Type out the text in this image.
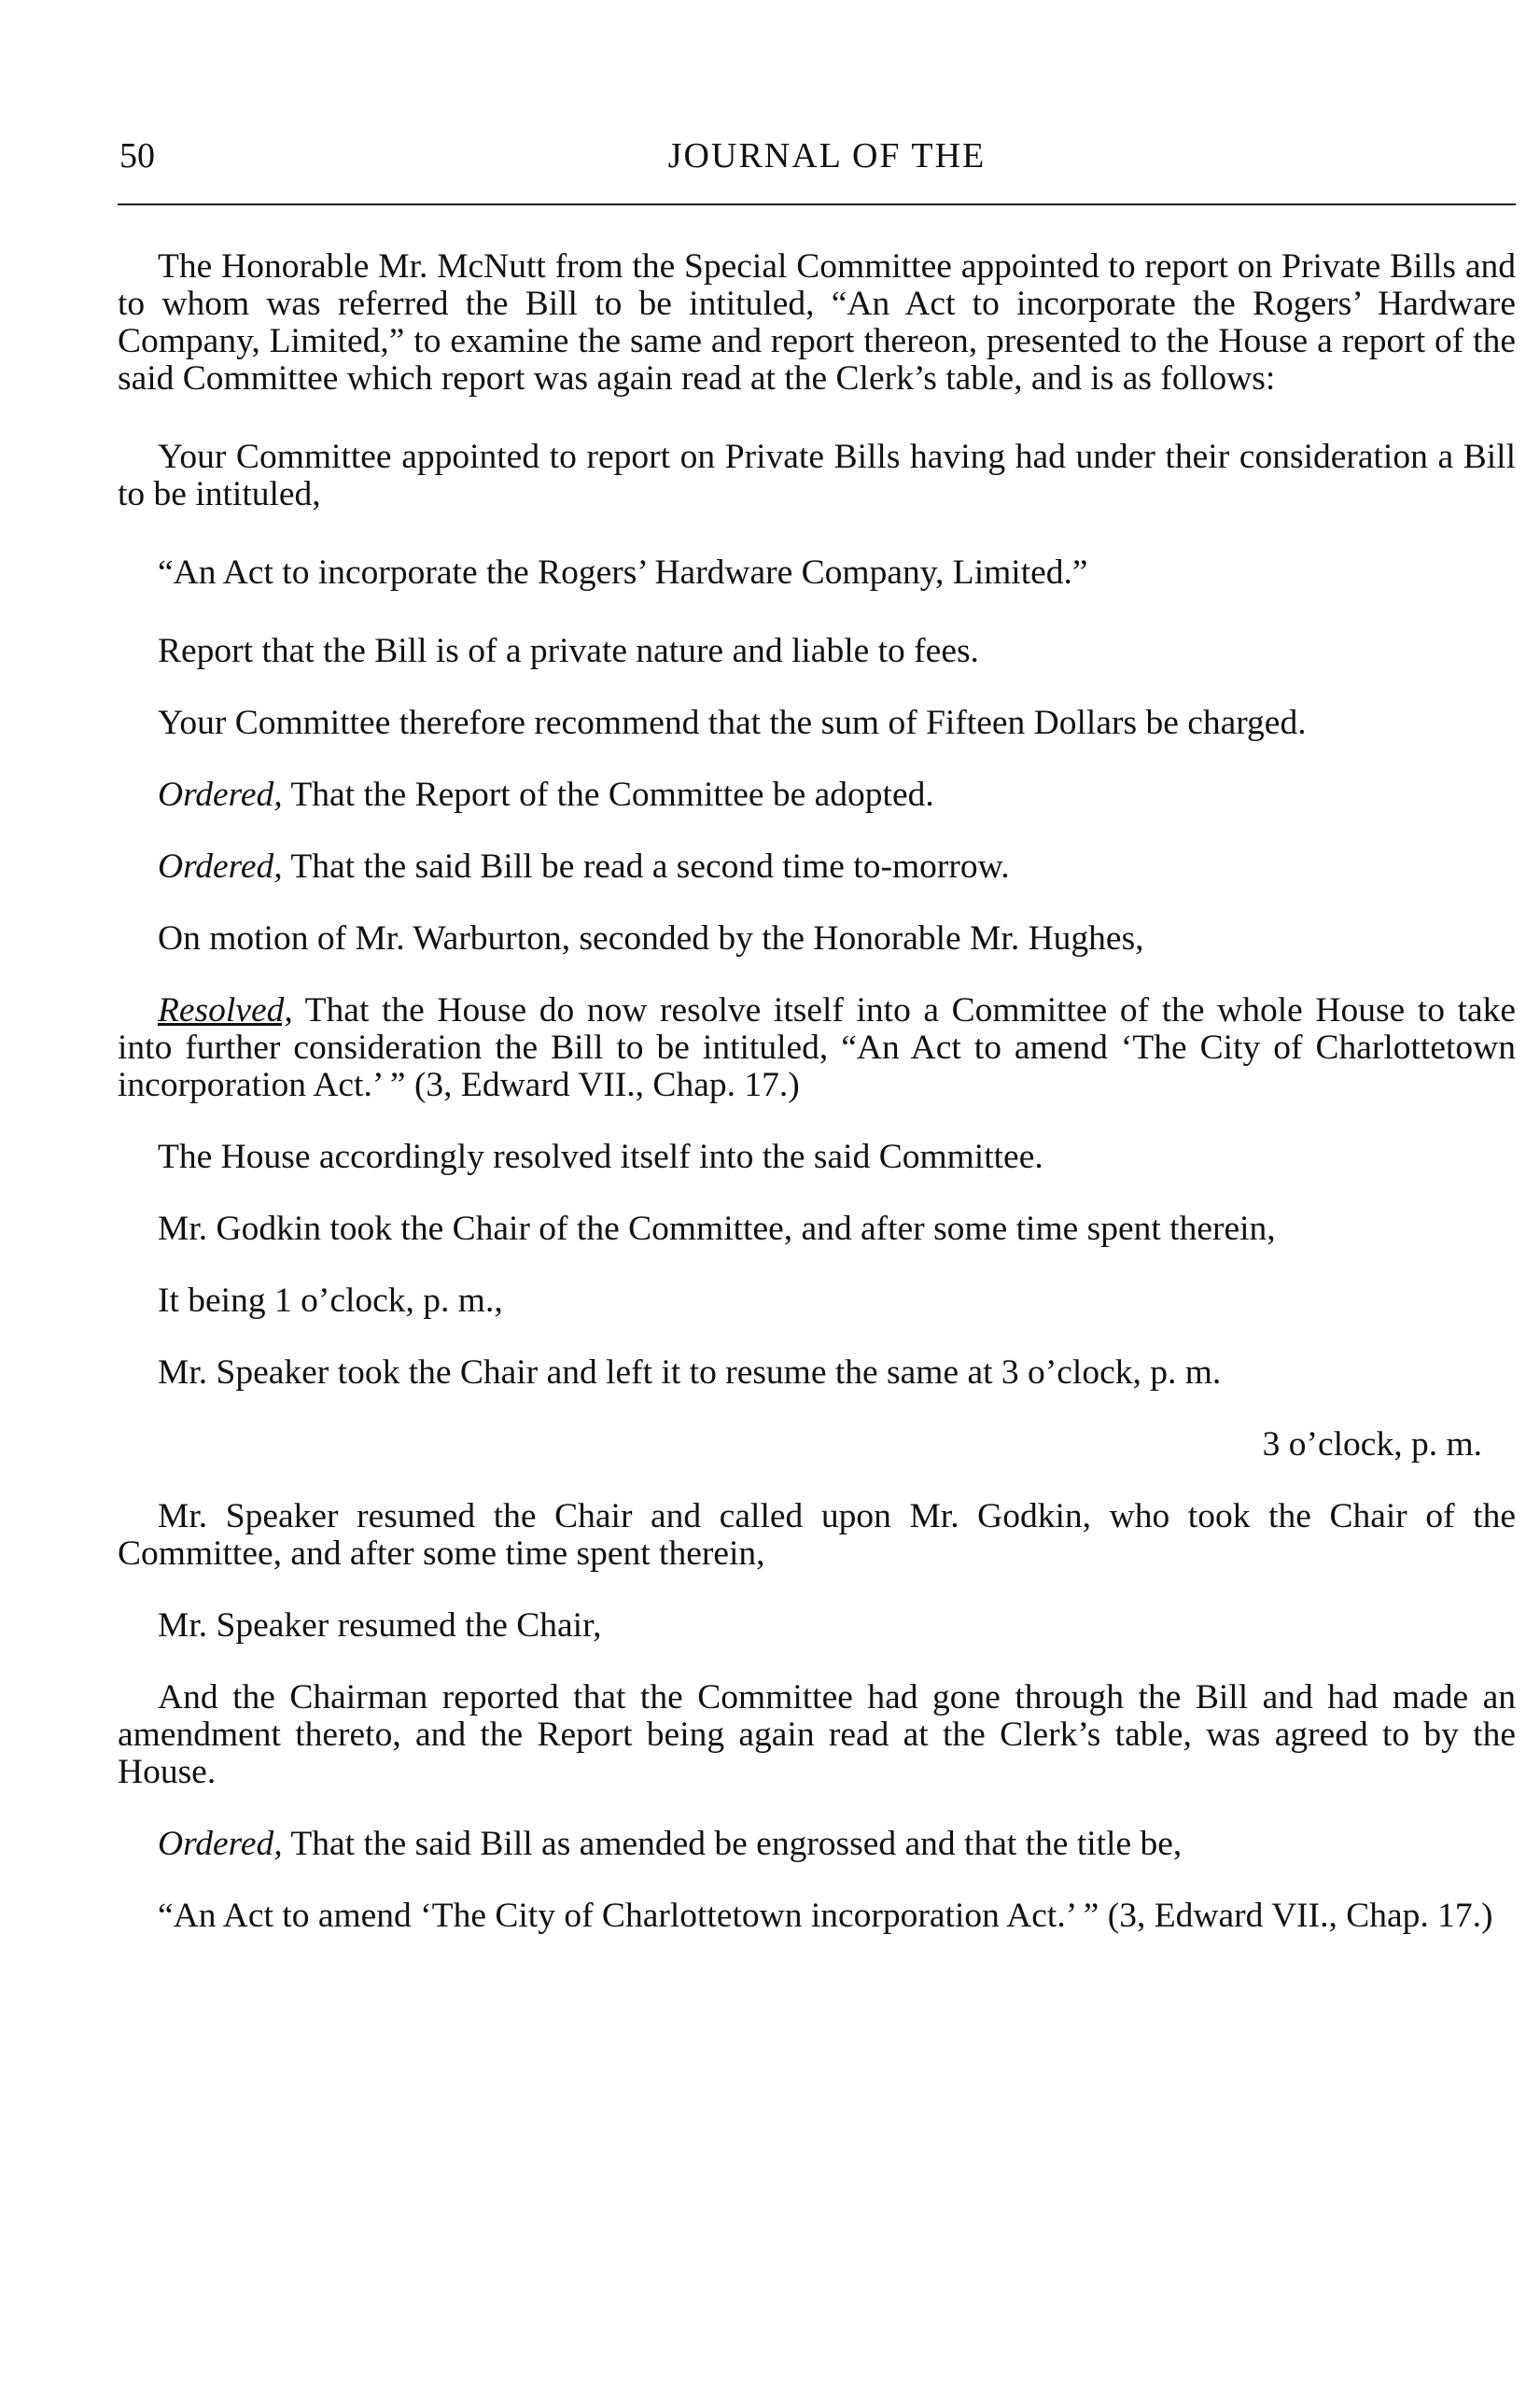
50	JOURNAL OF THE

The Honorable Mr. McNutt from the Special Committee appointed to report on Private Bills and to whom was referred the Bill to be intituled, “An Act to incorporate the Rogers’ Hardware Company, Limited,” to examine the same and report thereon, presented to the House a report of the said Committee which report was again read at the Clerk’s table, and is as follows:

Your Committee appointed to report on Private Bills having had under their consideration a Bill to be intituled,

“An Act to incorporate the Rogers’ Hardware Company, Limited.”

Report that the Bill is of a private nature and liable to fees.

Your Committee therefore recommend that the sum of Fifteen Dollars be charged.

Ordered, That the Report of the Committee be adopted.

Ordered, That the said Bill be read a second time to-morrow.

On motion of Mr. Warburton, seconded by the Honorable Mr. Hughes,

Resolved, That the House do now resolve itself into a Committee of the whole House to take into further consideration the Bill to be intituled, “An Act to amend ‘The City of Charlottetown incorporation Act.’ ” (3, Edward VII., Chap. 17.)

The House accordingly resolved itself into the said Committee.

Mr. Godkin took the Chair of the Committee, and after some time spent therein,

It being 1 o’clock, p. m.,

Mr. Speaker took the Chair and left it to resume the same at 3 o’clock, p. m.

3 o’clock, p. m.

Mr. Speaker resumed the Chair and called upon Mr. Godkin, who took the Chair of the Committee, and after some time spent therein,

Mr. Speaker resumed the Chair,

And the Chairman reported that the Committee had gone through the Bill and had made an amendment thereto, and the Report being again read at the Clerk’s table, was agreed to by the House.

Ordered, That the said Bill as amended be engrossed and that the title be,

“An Act to amend ‘The City of Charlottetown incorporation Act.’ ” (3, Edward VII., Chap. 17.)
